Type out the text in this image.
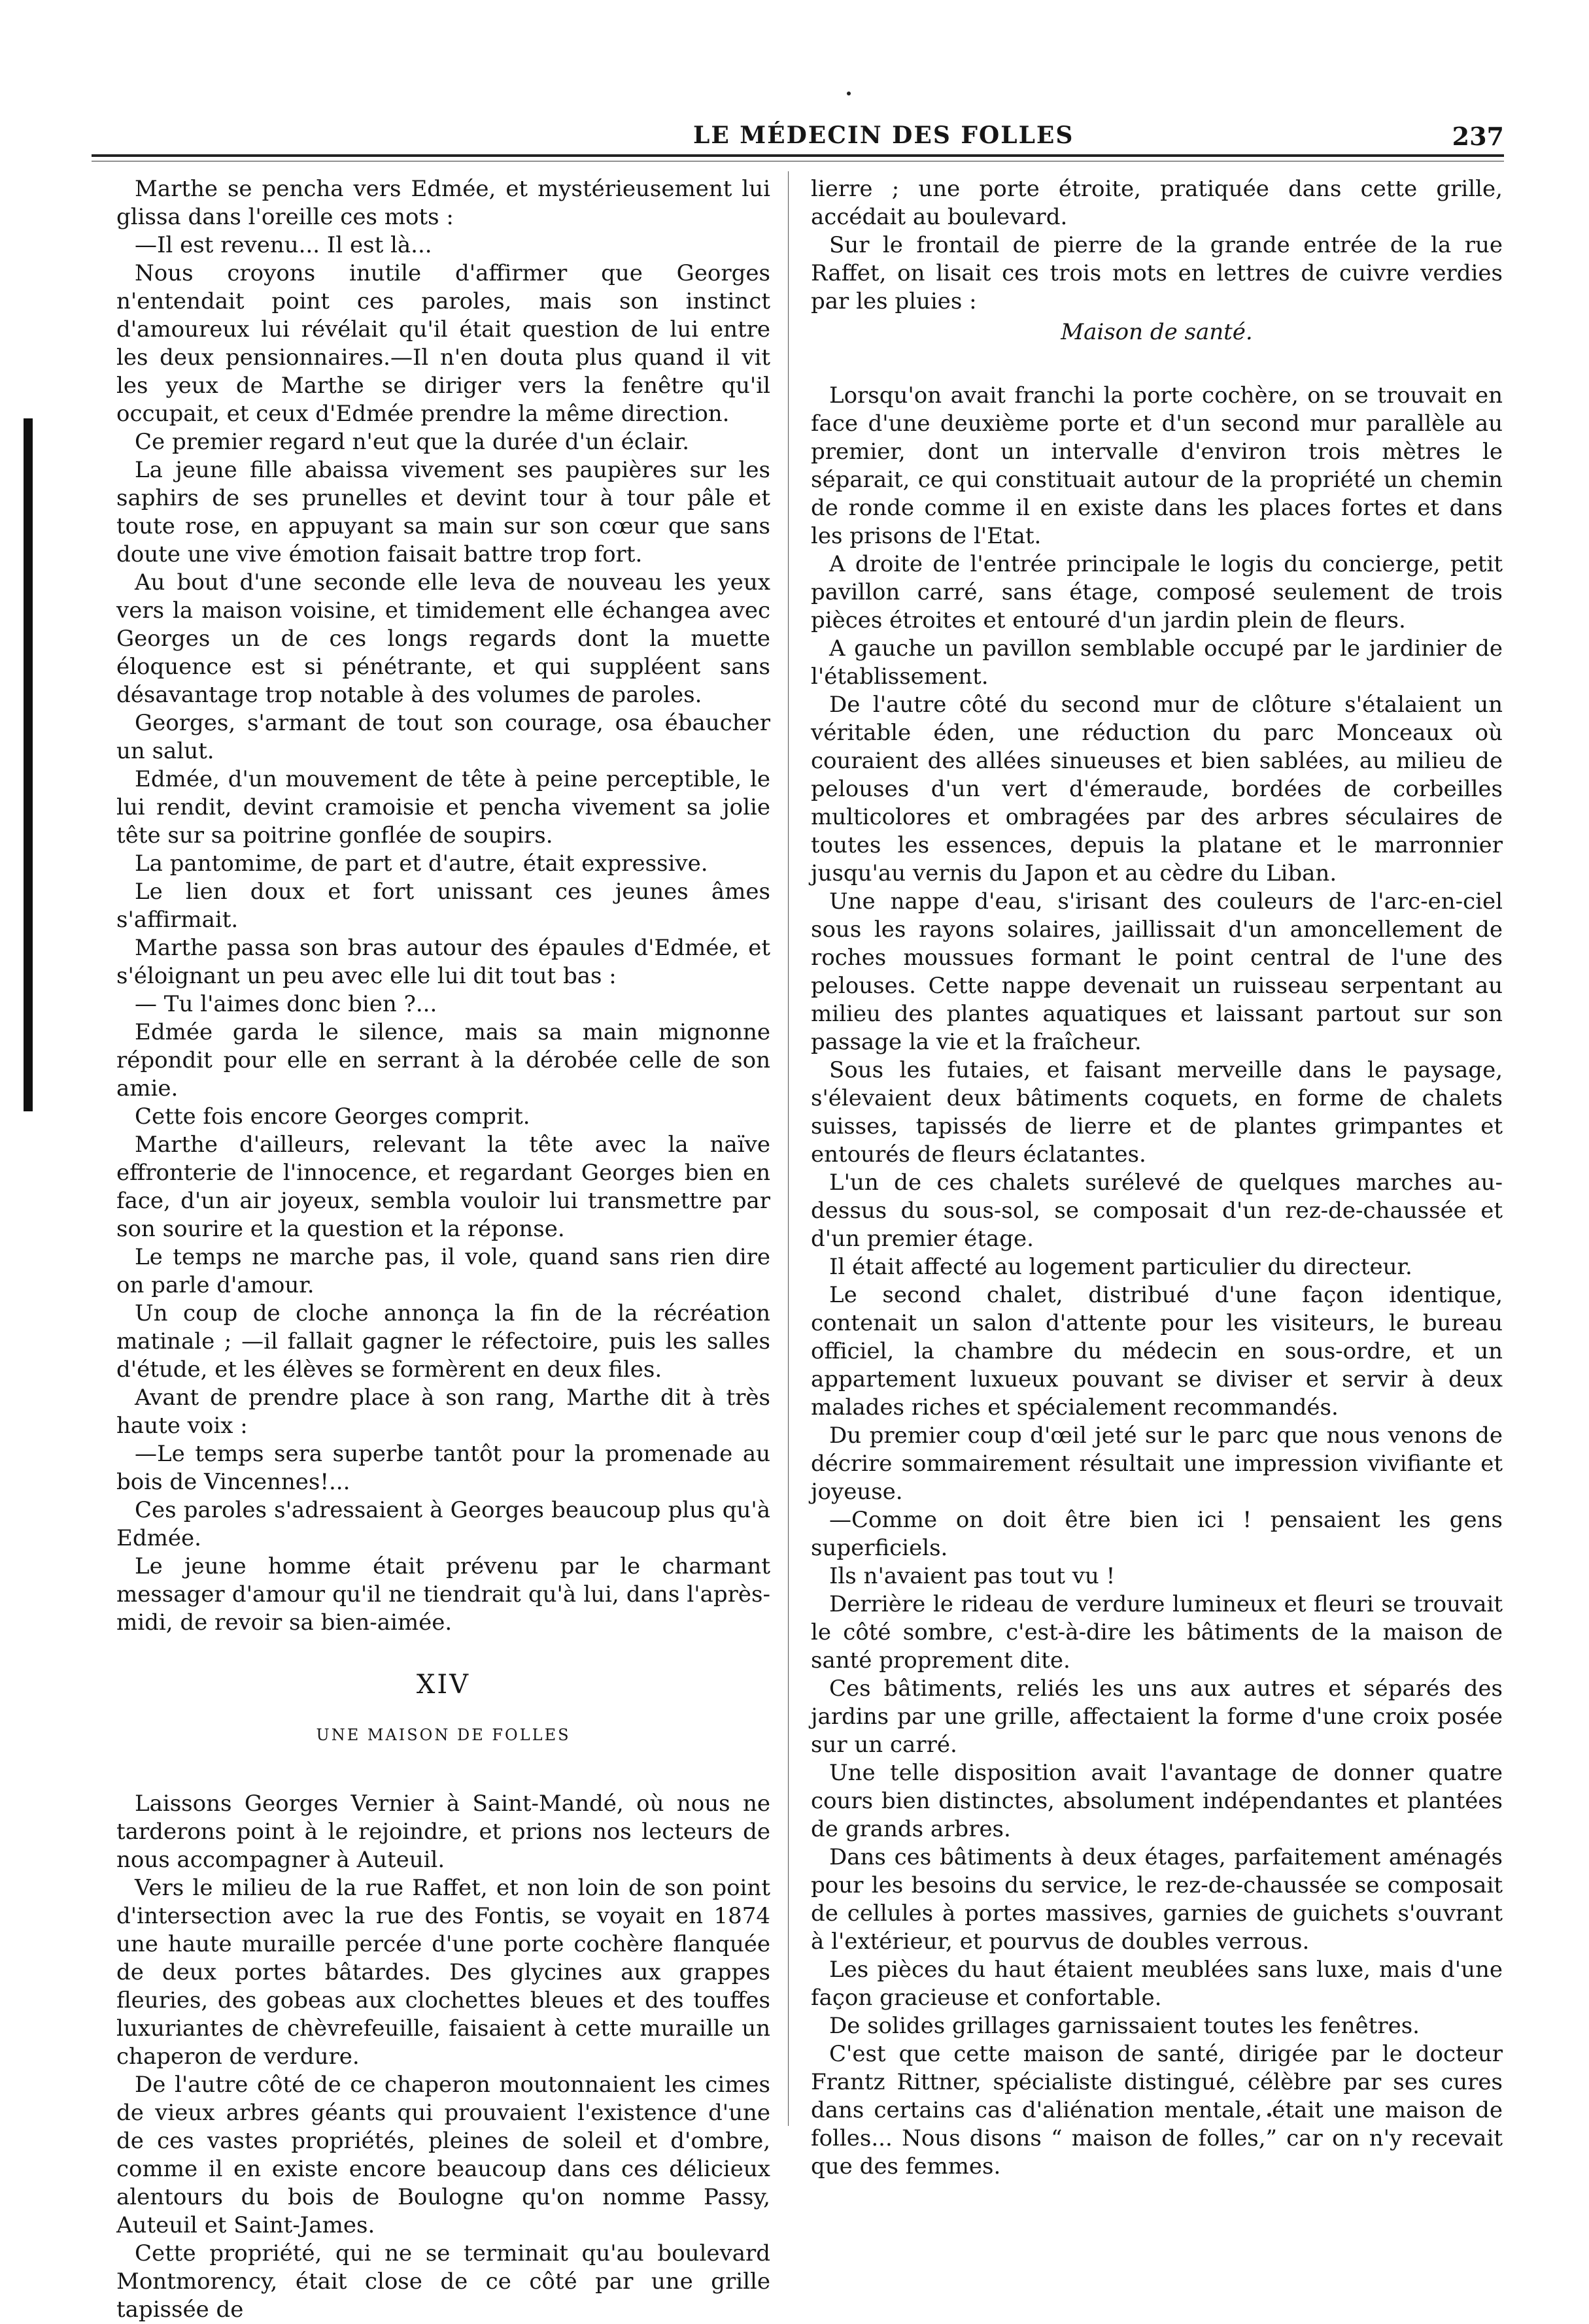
LE MÉDECIN DES FOLLES	237

Marthe se pencha vers Edmée, et mystérieusement lui glissa dans l'oreille ces mots :

—Il est revenu... Il est là...

Nous croyons inutile d'affirmer que Georges n'entendait point ces paroles, mais son instinct d'amoureux lui révélait qu'il était question de lui entre les deux pensionnaires.—Il n'en douta plus quand il vit les yeux de Marthe se diriger vers la fenêtre qu'il occupait, et ceux d'Edmée prendre la même direction.

Ce premier regard n'eut que la durée d'un éclair.

La jeune fille abaissa vivement ses paupières sur les saphirs de ses prunelles et devint tour à tour pâle et toute rose, en appuyant sa main sur son cœur que sans doute une vive émotion faisait battre trop fort.

Au bout d'une seconde elle leva de nouveau les yeux vers la maison voisine, et timidement elle échangea avec Georges un de ces longs regards dont la muette éloquence est si pénétrante, et qui suppléent sans désavantage trop notable à des volumes de paroles.

Georges, s'armant de tout son courage, osa ébaucher un salut.

Edmée, d'un mouvement de tête à peine perceptible, le lui rendit, devint cramoisie et pencha vivement sa jolie tête sur sa poitrine gonflée de soupirs.

La pantomime, de part et d'autre, était expressive.

Le lien doux et fort unissant ces jeunes âmes s'affirmait.

Marthe passa son bras autour des épaules d'Edmée, et s'éloignant un peu avec elle lui dit tout bas :

— Tu l'aimes donc bien ?...

Edmée garda le silence, mais sa main mignonne répondit pour elle en serrant à la dérobée celle de son amie.

Cette fois encore Georges comprit.

Marthe d'ailleurs, relevant la tête avec la naïve effronterie de l'innocence, et regardant Georges bien en face, d'un air joyeux, sembla vouloir lui transmettre par son sourire et la question et la réponse.

Le temps ne marche pas, il vole, quand sans rien dire on parle d'amour.

Un coup de cloche annonça la fin de la récréation matinale ; —il fallait gagner le réfectoire, puis les salles d'étude, et les élèves se formèrent en deux files.

Avant de prendre place à son rang, Marthe dit à très haute voix :

—Le temps sera superbe tantôt pour la promenade au bois de Vincennes!...

Ces paroles s'adressaient à Georges beaucoup plus qu'à Edmée.

Le jeune homme était prévenu par le charmant messager d'amour qu'il ne tiendrait qu'à lui, dans l'après-midi, de revoir sa bien-aimée.

XIV

UNE MAISON DE FOLLES

Laissons Georges Vernier à Saint-Mandé, où nous ne tarderons point à le rejoindre, et prions nos lecteurs de nous accompagner à Auteuil.

Vers le milieu de la rue Raffet, et non loin de son point d'intersection avec la rue des Fontis, se voyait en 1874 une haute muraille percée d'une porte cochère flanquée de deux portes bâtardes. Des glycines aux grappes fleuries, des gobeas aux clochettes bleues et des touffes luxuriantes de chèvrefeuille, faisaient à cette muraille un chaperon de verdure.

De l'autre côté de ce chaperon moutonnaient les cimes de vieux arbres géants qui prouvaient l'existence d'une de ces vastes propriétés, pleines de soleil et d'ombre, comme il en existe encore beaucoup dans ces délicieux alentours du bois de Boulogne qu'on nomme Passy, Auteuil et Saint-James.

Cette propriété, qui ne se terminait qu'au boulevard Montmorency, était close de ce côté par une grille tapissée de

lierre ; une porte étroite, pratiquée dans cette grille, accédait au boulevard.

Sur le frontail de pierre de la grande entrée de la rue Raffet, on lisait ces trois mots en lettres de cuivre verdies par les pluies :

Maison de santé.

Lorsqu'on avait franchi la porte cochère, on se trouvait en face d'une deuxième porte et d'un second mur parallèle au premier, dont un intervalle d'environ trois mètres le séparait, ce qui constituait autour de la propriété un chemin de ronde comme il en existe dans les places fortes et dans les prisons de l'Etat.

A droite de l'entrée principale le logis du concierge, petit pavillon carré, sans étage, composé seulement de trois pièces étroites et entouré d'un jardin plein de fleurs.

A gauche un pavillon semblable occupé par le jardinier de l'établissement.

De l'autre côté du second mur de clôture s'étalaient un véritable éden, une réduction du parc Monceaux où couraient des allées sinueuses et bien sablées, au milieu de pelouses d'un vert d'émeraude, bordées de corbeilles multicolores et ombragées par des arbres séculaires de toutes les essences, depuis la platane et le marronnier jusqu'au vernis du Japon et au cèdre du Liban.

Une nappe d'eau, s'irisant des couleurs de l'arc-en-ciel sous les rayons solaires, jaillissait d'un amoncellement de roches moussues formant le point central de l'une des pelouses. Cette nappe devenait un ruisseau serpentant au milieu des plantes aquatiques et laissant partout sur son passage la vie et la fraîcheur.

Sous les futaies, et faisant merveille dans le paysage, s'élevaient deux bâtiments coquets, en forme de chalets suisses, tapissés de lierre et de plantes grimpantes et entourés de fleurs éclatantes.

L'un de ces chalets surélevé de quelques marches au-dessus du sous-sol, se composait d'un rez-de-chaussée et d'un premier étage.

Il était affecté au logement particulier du directeur.

Le second chalet, distribué d'une façon identique, contenait un salon d'attente pour les visiteurs, le bureau officiel, la chambre du médecin en sous-ordre, et un appartement luxueux pouvant se diviser et servir à deux malades riches et spécialement recommandés.

Du premier coup d'œil jeté sur le parc que nous venons de décrire sommairement résultait une impression vivifiante et joyeuse.

—Comme on doit être bien ici ! pensaient les gens superficiels.

Ils n'avaient pas tout vu !

Derrière le rideau de verdure lumineux et fleuri se trouvait le côté sombre, c'est-à-dire les bâtiments de la maison de santé proprement dite.

Ces bâtiments, reliés les uns aux autres et séparés des jardins par une grille, affectaient la forme d'une croix posée sur un carré.

Une telle disposition avait l'avantage de donner quatre cours bien distinctes, absolument indépendantes et plantées de grands arbres.

Dans ces bâtiments à deux étages, parfaitement aménagés pour les besoins du service, le rez-de-chaussée se composait de cellules à portes massives, garnies de guichets s'ouvrant à l'extérieur, et pourvus de doubles verrous.

Les pièces du haut étaient meublées sans luxe, mais d'une façon gracieuse et confortable.

De solides grillages garnissaient toutes les fenêtres.

C'est que cette maison de santé, dirigée par le docteur Frantz Rittner, spécialiste distingué, célèbre par ses cures dans certains cas d'aliénation mentale, était une maison de folles... Nous disons “ maison de folles,” car on n'y recevait que des femmes.
